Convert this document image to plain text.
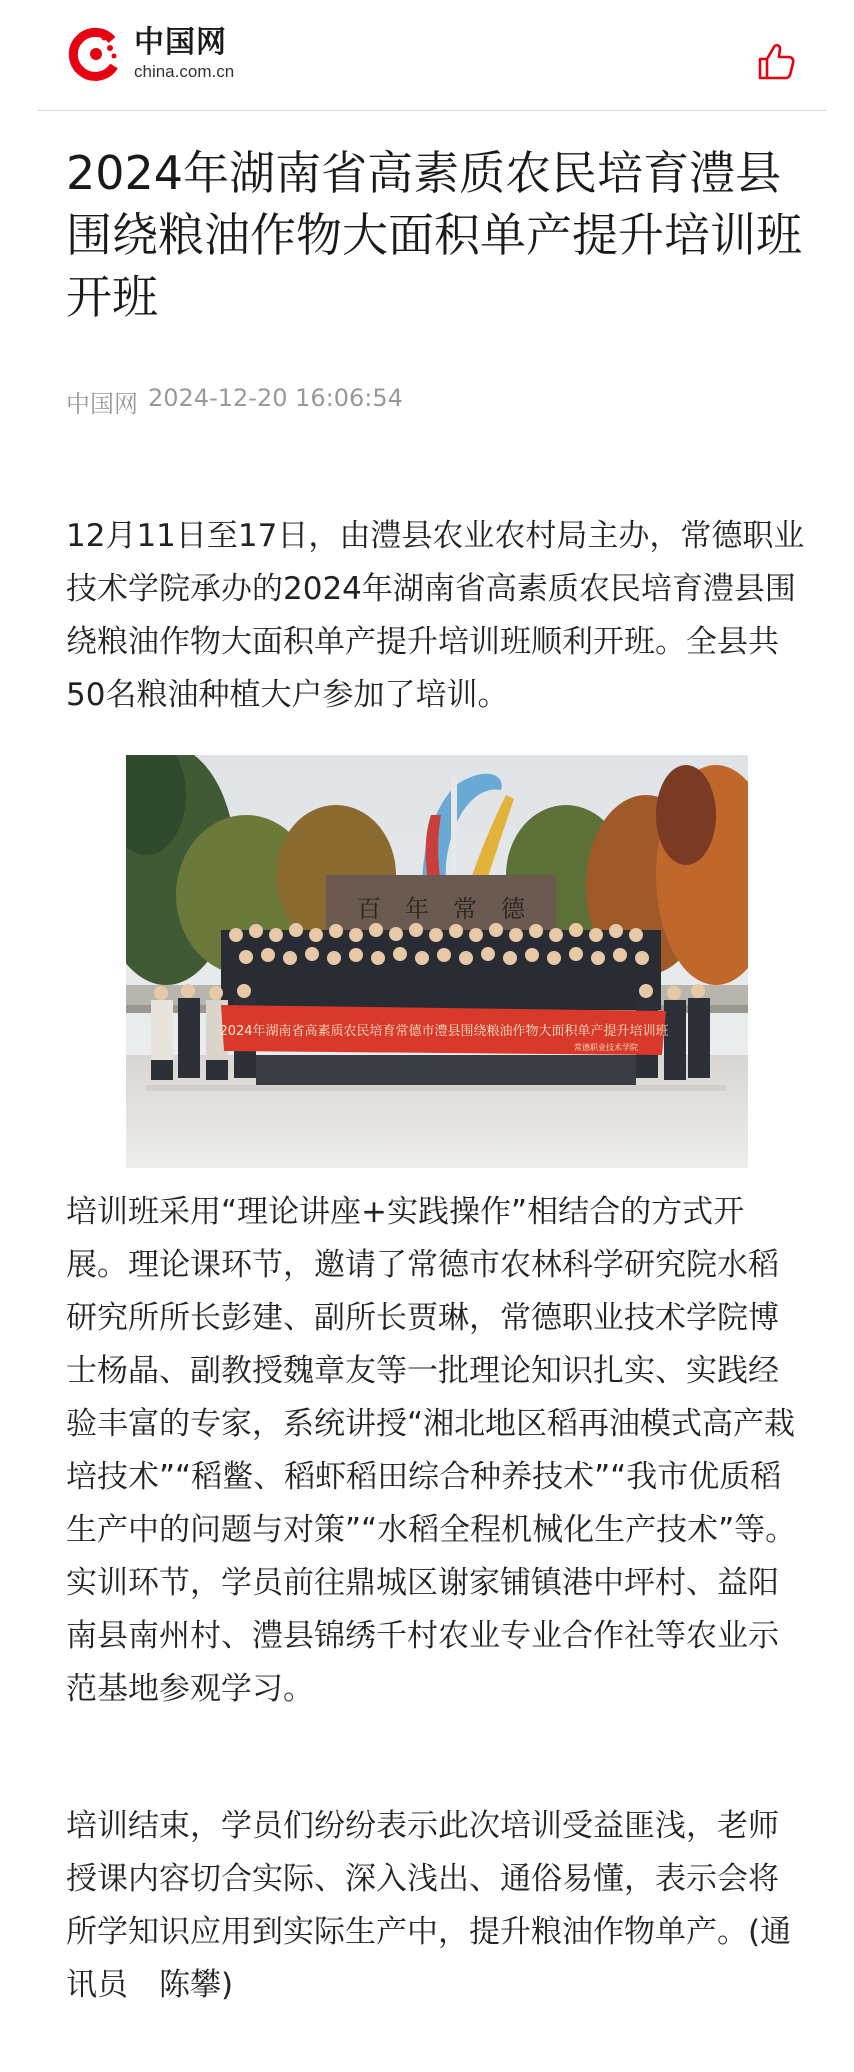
中国网
china.com.cn
2024年湖南省高素质农民培育澧县围绕粮油作物大面积单产提升培训班开班
中国网 2024-12-20 16:06:54

12月11日至17日，由澧县农业农村局主办，常德职业技术学院承办的2024年湖南省高素质农民培育澧县围绕粮油作物大面积单产提升培训班顺利开班。全县共50名粮油种植大户参加了培训。

百　年　常　德
2024年湖南省高素质农民培育常德市澧县围绕粮油作物大面积单产提升培训班
常德职业技术学院

培训班采用“理论讲座+实践操作”相结合的方式开展。理论课环节，邀请了常德市农林科学研究院水稻研究所所长彭建、副所长贾琳，常德职业技术学院博士杨晶、副教授魏章友等一批理论知识扎实、实践经验丰富的专家，系统讲授“湘北地区稻再油模式高产栽培技术”“稻鳖、稻虾稻田综合种养技术”“我市优质稻生产中的问题与对策”“水稻全程机械化生产技术”等。实训环节，学员前往鼎城区谢家铺镇港中坪村、益阳南县南州村、澧县锦绣千村农业专业合作社等农业示范基地参观学习。

培训结束，学员们纷纷表示此次培训受益匪浅，老师授课内容切合实际、深入浅出、通俗易懂，表示会将所学知识应用到实际生产中，提升粮油作物单产。(通讯员　陈攀)
